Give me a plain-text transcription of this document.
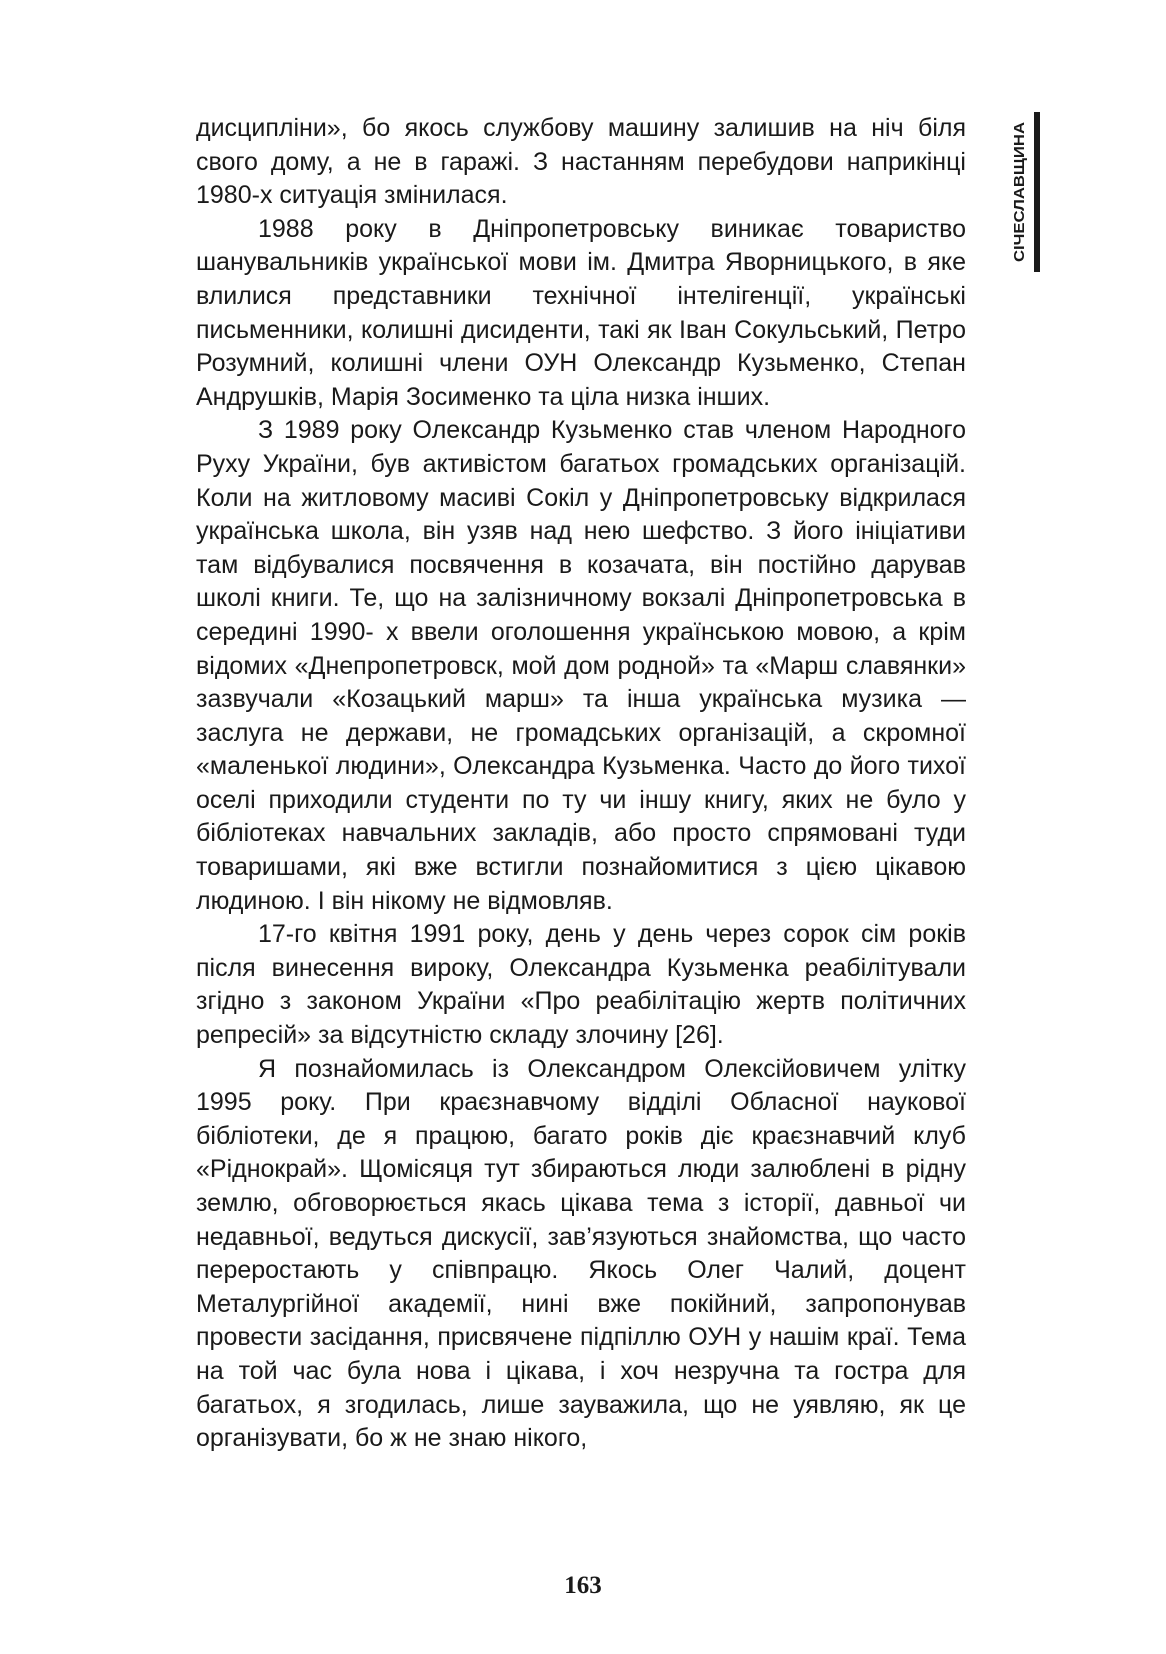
дисципліни», бо якось службову машину залишив на ніч біля свого дому, а не в гаражі. З настанням перебудови наприкінці 1980-х ситуація змінилася.

1988 року в Дніпропетровську виникає товариство шанувальників української мови ім. Дмитра Яворницького, в яке влилися представники технічної інтелігенції, українські письменники, колишні дисиденти, такі як Іван Сокульський, Петро Розумний, колишні члени ОУН Олександр Кузьменко, Степан Андрушків, Марія Зосименко та ціла низка інших.

З 1989 року Олександр Кузьменко став членом Народного Руху України, був активістом багатьох громадських організацій. Коли на житловому масиві Сокіл у Дніпропетровську відкрилася українська школа, він узяв над нею шефство. З його ініціативи там відбувалися посвячення в козачата, він постійно дарував школі книги. Те, що на залізничному вокзалі Дніпропетровська в середині 1990- х ввели оголошення українською мовою, а крім відомих «Днепропетровск, мой дом родной» та «Марш славянки» зазвучали «Козацький марш» та інша українська музика — заслуга не держави, не громадських організацій, а скромної «маленької людини», Олександра Кузьменка. Часто до його тихої оселі приходили студенти по ту чи іншу книгу, яких не було у бібліотеках навчальних закладів, або просто спрямовані туди товаришами, які вже встигли познайомитися з цією цікавою людиною. І він нікому не відмовляв.

17-го квітня 1991 року, день у день через сорок сім років після винесення вироку, Олександра Кузьменка реабілітували згідно з законом України «Про реабілітацію жертв політичних репресій» за відсутністю складу злочину [26].

Я познайомилась із Олександром Олексійовичем улітку 1995 року. При краєзнавчому відділі Обласної наукової бібліотеки, де я працюю, багато років діє краєзнавчий клуб «Ріднокрай». Щомісяця тут збираються люди залюблені в рідну землю, обговорюється якась цікава тема з історії, давньої чи недавньої, ведуться дискусії, зав’язуються знайомства, що часто переростають у співпрацю. Якось Олег Чалий, доцент Металургійної академії, нині вже покійний, запропонував провести засідання, присвячене підпіллю ОУН у нашім краї. Тема на той час була нова і цікава, і хоч незручна та гостра для багатьох, я згодилась, лише зауважила, що не уявляю, як це організувати, бо ж не знаю нікого,

СІЧЕСЛАВЩИНА
163
